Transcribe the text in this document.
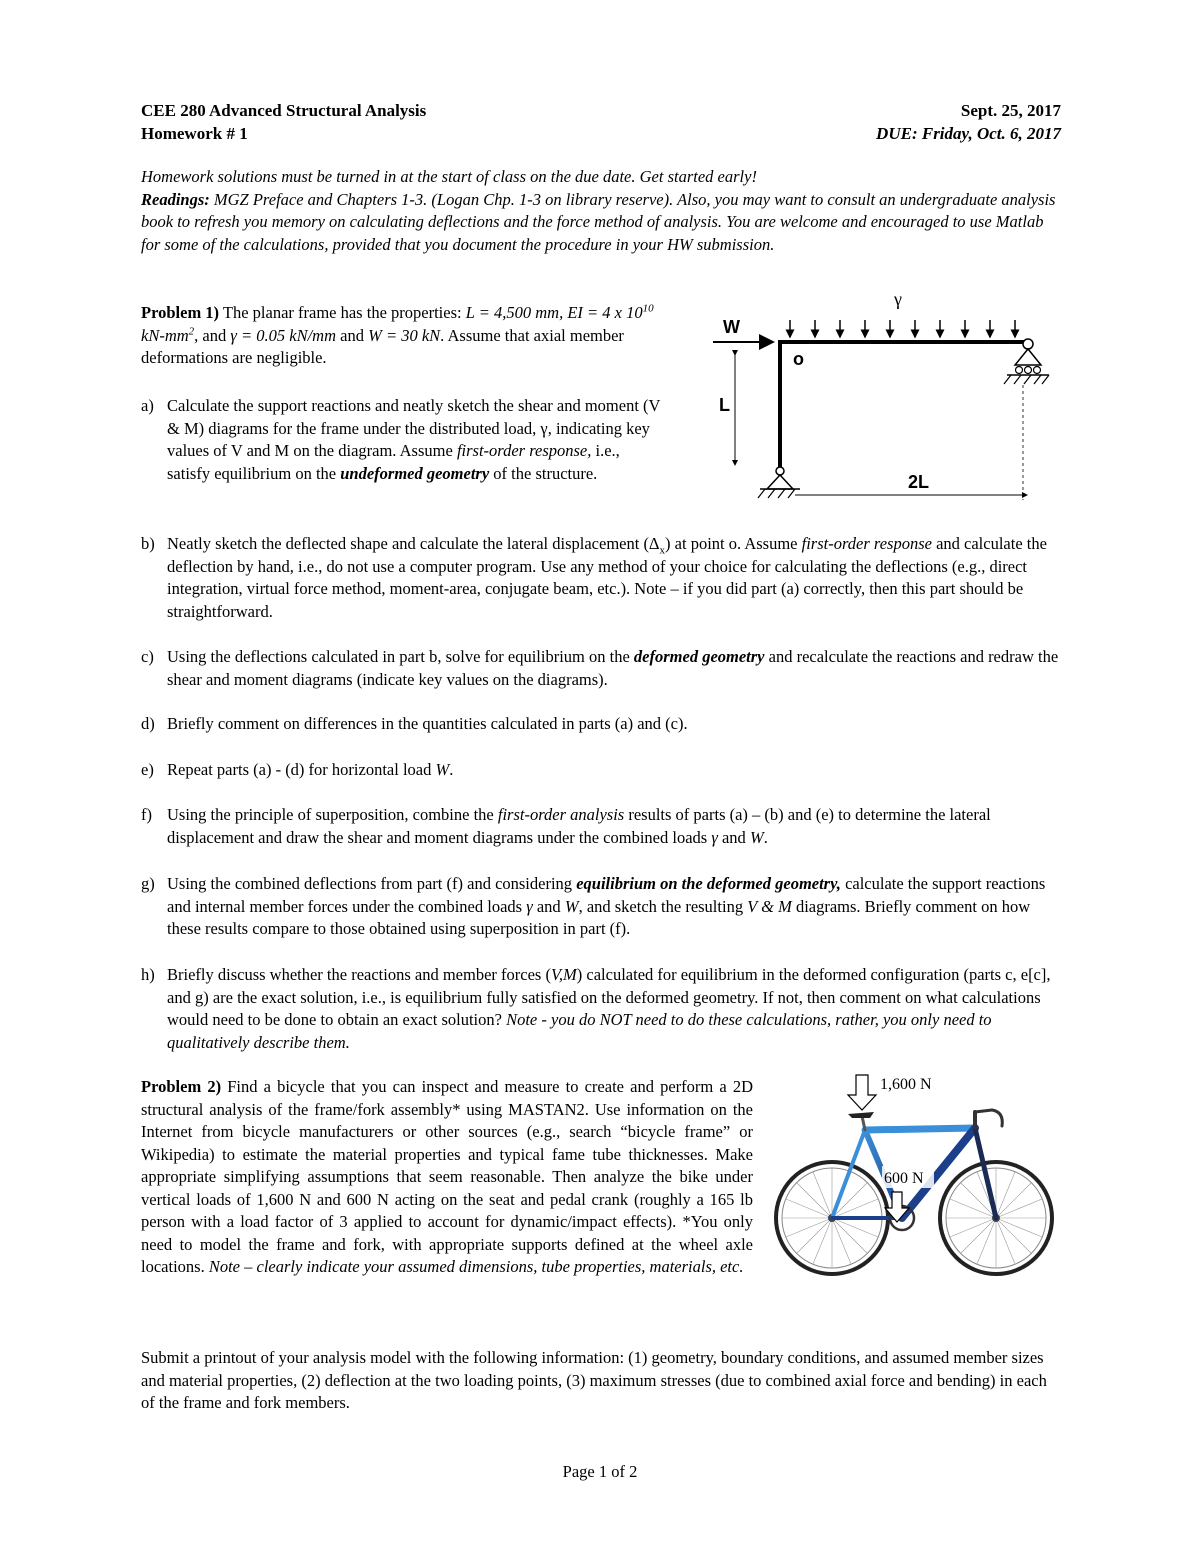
CEE 280 Advanced Structural Analysis	Sept. 25, 2017
Homework # 1	DUE: Friday, Oct. 6, 2017

Homework solutions must be turned in at the start of class on the due date. Get started early!

Readings: MGZ Preface and Chapters 1-3. (Logan Chp. 1-3 on library reserve). Also, you may want to consult an undergraduate analysis book to refresh you memory on calculating deflections and the force method of analysis. You are welcome and encouraged to use Matlab for some of the calculations, provided that you document the procedure in your HW submission.

Problem 1) The planar frame has the properties: L = 4,500 mm, EI = 4 x $10^{10}$ $kN-mm^2$, and γ = 0.05 kN/mm and W = 30 kN. Assume that axial member deformations are negligible.

a) Calculate the support reactions and neatly sketch the shear and moment (V & M) diagrams for the frame under the distributed load, γ, indicating key values of V and M on the diagram. Assume first-order response, i.e., satisfy equilibrium on the undeformed geometry of the structure.
γ
W
o
L
2L
b) Neatly sketch the deflected shape and calculate the lateral displacement $(\Delta_x)$ at point o. Assume first-order response and calculate the deflection by hand, i.e., do not use a computer program. Use any method of your choice for calculating the deflections (e.g., direct integration, virtual force method, moment-area, conjugate beam, etc.). Note – if you did part (a) correctly, then this part should be straightforward.
c) Using the deflections calculated in part b, solve for equilibrium on the deformed geometry and recalculate the reactions and redraw the shear and moment diagrams (indicate key values on the diagrams).
d) Briefly comment on differences in the quantities calculated in parts (a) and (c).
e) Repeat parts (a) - (d) for horizontal load W.
f) Using the principle of superposition, combine the first-order analysis results of parts (a) – (b) and (e) to determine the lateral displacement and draw the shear and moment diagrams under the combined loads γ and W.
g) Using the combined deflections from part (f) and considering equilibrium on the deformed geometry, calculate the support reactions and internal member forces under the combined loads γ and W, and sketch the resulting V & M diagrams. Briefly comment on how these results compare to those obtained using superposition in part (f).
h) Briefly discuss whether the reactions and member forces (V,M) calculated for equilibrium in the deformed configuration (parts c, e[c], and g) are the exact solution, i.e., is equilibrium fully satisfied on the deformed geometry. If not, then comment on what calculations would need to be done to obtain an exact solution? Note - you do NOT need to do these calculations, rather, you only need to qualitatively describe them.

Problem 2) Find a bicycle that you can inspect and measure to create and perform a 2D structural analysis of the frame/fork assembly* using MASTAN2. Use information on the Internet from bicycle manufacturers or other sources (e.g., search “bicycle frame” or Wikipedia) to estimate the material properties and typical fame tube thicknesses. Make appropriate simplifying assumptions that seem reasonable. Then analyze the bike under vertical loads of 1,600 N and 600 N acting on the seat and pedal crank (roughly a 165 lb person with a load factor of 3 applied to account for dynamic/impact effects). *You only need to model the frame and fork, with appropriate supports defined at the wheel axle locations. Note – clearly indicate your assumed dimensions, tube properties, materials, etc.

1,600 N
600 N
Submit a printout of your analysis model with the following information: (1) geometry, boundary conditions, and assumed member sizes and material properties, (2) deflection at the two loading points, (3) maximum stresses (due to combined axial force and bending) in each of the frame and fork members.
Page 1 of 2
